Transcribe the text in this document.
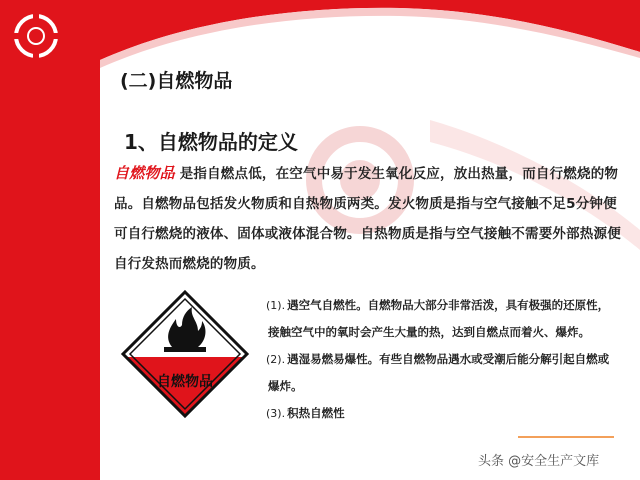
(二)自燃物品
1、自燃物品的定义
自燃物品 是指自燃点低，在空气中易于发生氧化反应，放出热量，而自行燃烧的物品。自燃物品包括发火物质和自热物质两类。发火物质是指与空气接触不足5分钟便可自行燃烧的液体、固体或液体混合物。自热物质是指与空气接触不需要外部热源便自行发热而燃烧的物质。
自燃物品
(1). 遇空气自燃性。自燃物品大部分非常活泼，具有极强的还原性，
接触空气中的氧时会产生大量的热，达到自燃点而着火、爆炸。
(2). 遇湿易燃易爆性。有些自燃物品遇水或受潮后能分解引起自燃或
爆炸。
(3). 积热自燃性
头条 @安全生产文库
